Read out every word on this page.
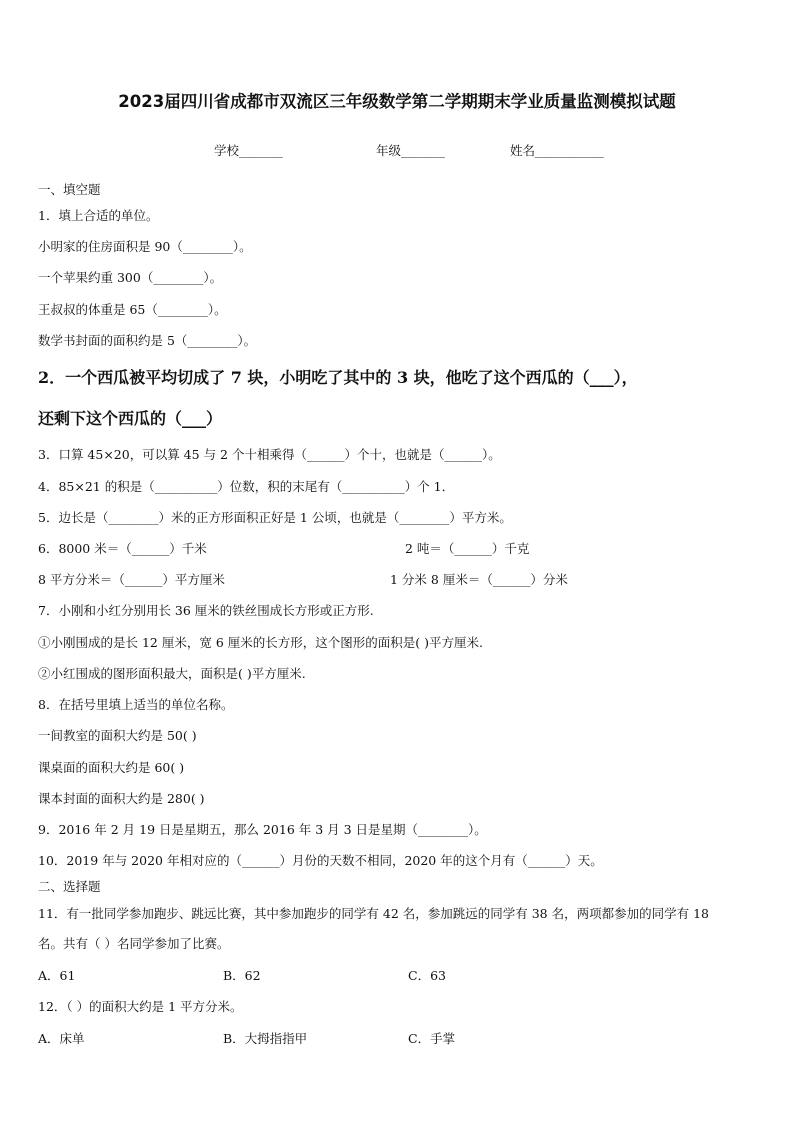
2023届四川省成都市双流区三年级数学第二学期期末学业质量监测模拟试题
学校_______	年级_______	姓名___________
一、填空题
1．填上合适的单位。
小明家的住房面积是 90（________）。
一个苹果约重 300（________）。
王叔叔的体重是 65（________）。
数学书封面的面积约是 5（________）。
2．一个西瓜被平均切成了 7 块，小明吃了其中的 3 块，他吃了这个西瓜的（___），
还剩下这个西瓜的（___）
3．口算 45×20，可以算 45 与 2 个十相乘得（______）个十，也就是（______）。
4．85×21 的积是（__________）位数，积的末尾有（__________）个 1．
5．边长是（________）米的正方形面积正好是 1 公顷，也就是（________）平方米。
6．8000 米＝（______）千米	2 吨＝（______）千克
8 平方分米＝（______）平方厘米	1 分米 8 厘米＝（______）分米
7．小刚和小红分别用长 36 厘米的铁丝围成长方形或正方形.
①小刚围成的是长 12 厘米，宽 6 厘米的长方形，这个图形的面积是( )平方厘米.
②小红围成的图形面积最大，面积是( )平方厘米.
8．在括号里填上适当的单位名称。
一间教室的面积大约是 50( )
课桌面的面积大约是 60( )
课本封面的面积大约是 280( )
9．2016 年 2 月 19 日是星期五，那么 2016 年 3 月 3 日是星期（________）。
10．2019 年与 2020 年相对应的（______）月份的天数不相同，2020 年的这个月有（______）天。
二、选择题
11．有一批同学参加跑步、跳远比赛，其中参加跑步的同学有 42 名，参加跳远的同学有 38 名，两项都参加的同学有 18
名。共有（ ）名同学参加了比赛。
A．61	B．62	C．63
12．（ ）的面积大约是 1 平方分米。
A．床单	B．大拇指指甲	C．手掌
